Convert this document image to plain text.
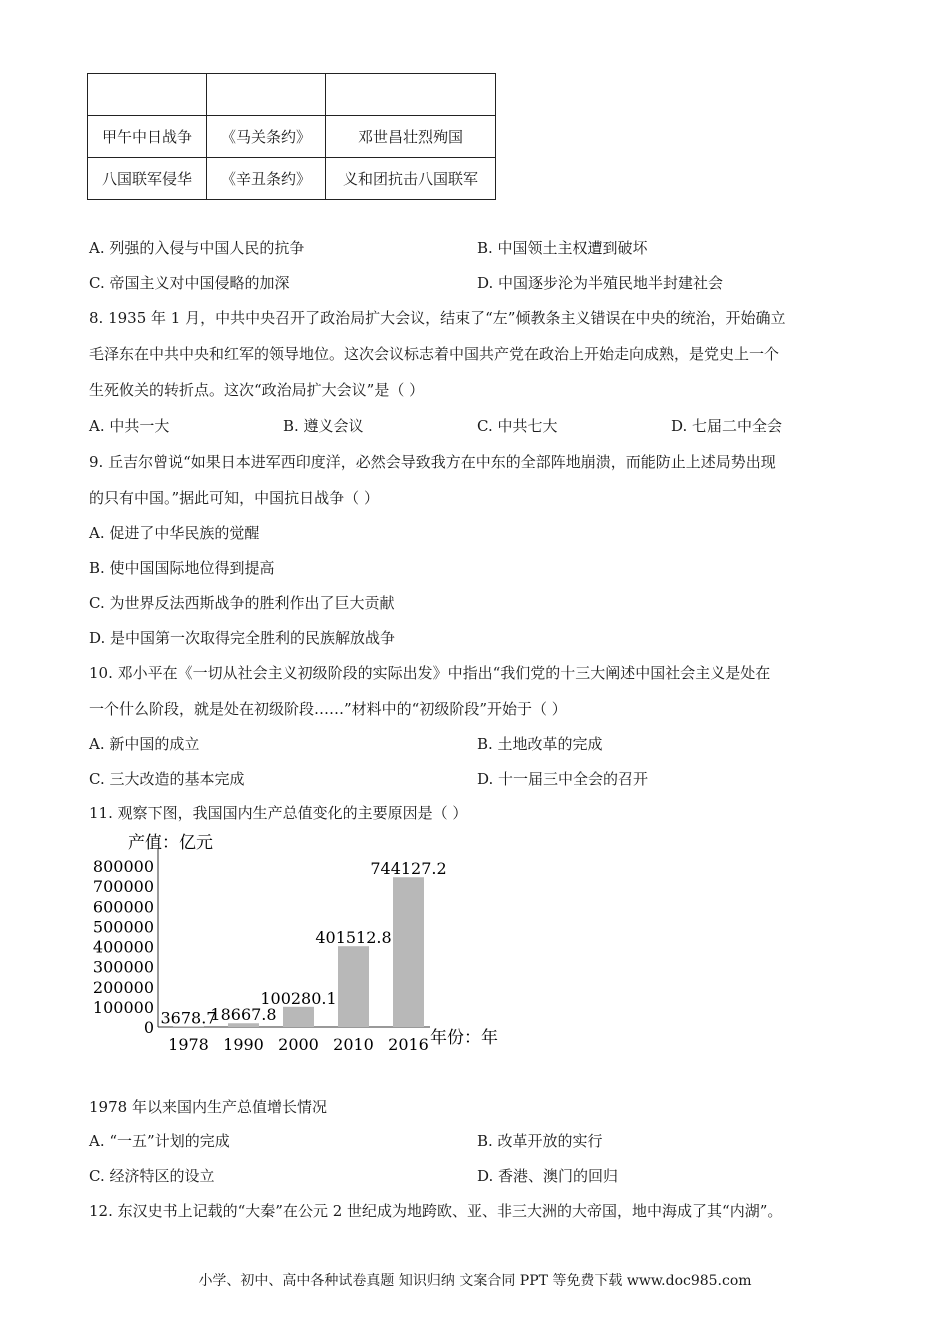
甲午中日战争	《马关条约》	邓世昌壮烈殉国
八国联军侵华	《辛丑条约》	义和团抗击八国联军
A. 列强的入侵与中国人民的抗争	B. 中国领土主权遭到破坏
C. 帝国主义对中国侵略的加深	D. 中国逐步沦为半殖民地半封建社会
8. 1935 年 1 月，中共中央召开了政治局扩大会议，结束了“左”倾教条主义错误在中央的统治，开始确立
毛泽东在中共中央和红军的领导地位。这次会议标志着中国共产党在政治上开始走向成熟，是党史上一个
生死攸关的转折点。这次“政治局扩大会议”是（ ）
A. 中共一大	B. 遵义会议	C. 中共七大	D. 七届二中全会
9. 丘吉尔曾说“如果日本进军西印度洋，必然会导致我方在中东的全部阵地崩溃，而能防止上述局势出现
的只有中国。”据此可知，中国抗日战争（ ）
A. 促进了中华民族的觉醒
B. 使中国国际地位得到提高
C. 为世界反法西斯战争的胜利作出了巨大贡献
D. 是中国第一次取得完全胜利的民族解放战争
10. 邓小平在《一切从社会主义初级阶段的实际出发》中指出“我们党的十三大阐述中国社会主义是处在
一个什么阶段，就是处在初级阶段……”材料中的“初级阶段”开始于（ ）
A. 新中国的成立	B. 土地改革的完成
C. 三大改造的基本完成	D. 十一届三中全会的召开
11. 观察下图，我国国内生产总值变化的主要原因是（ ）
产值：亿元
800000
700000
600000
500000
400000
300000
200000
100000
0
3678.7
18667.8
100280.1
401512.8
744127.2
1978 1990 2000 2010 2016 年份：年
1978 年以来国内生产总值增长情况
A. “一五”计划的完成	B. 改革开放的实行
C. 经济特区的设立	D. 香港、澳门的回归
12. 东汉史书上记载的“大秦”在公元 2 世纪成为地跨欧、亚、非三大洲的大帝国，地中海成了其“内湖”。
小学、初中、高中各种试卷真题 知识归纳 文案合同 PPT 等免费下载 www.doc985.com
